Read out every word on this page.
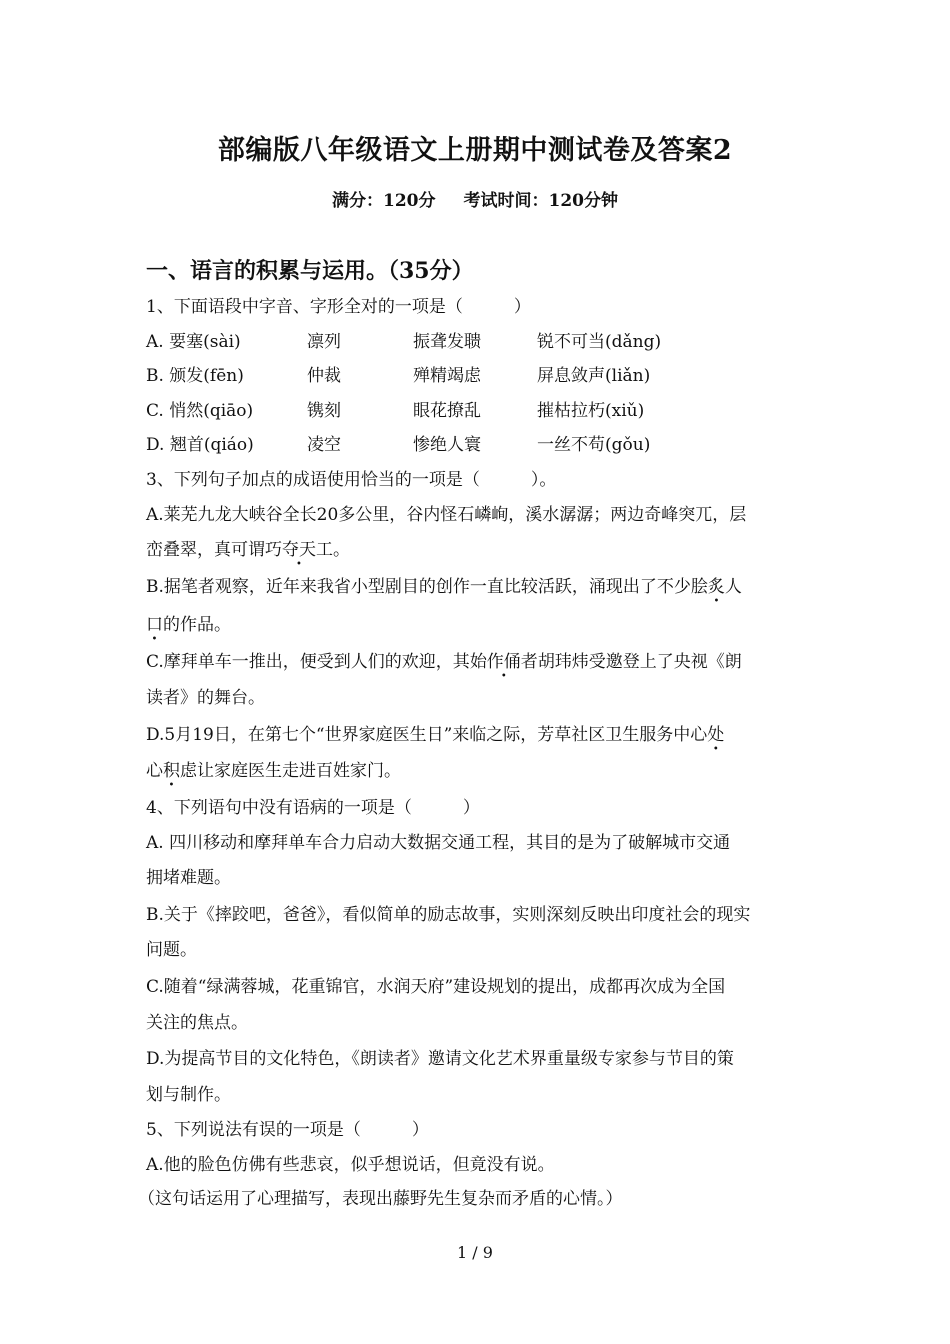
部编版八年级语文上册期中测试卷及答案2
满分：120分 考试时间：120分钟
一、语言的积累与运用。（35分）
1、下面语段中字音、字形全对的一项是（　　　）
A. 要塞(sài)	凛列	振聋发聩	锐不可当(dǎng)
B. 颁发(fēn)	仲裁	殚精竭虑	屏息敛声(liǎn)
C. 悄然(qiāo)	镌刻	眼花撩乱	摧枯拉朽(xiǔ)
D. 翘首(qiáo)	凌空	惨绝人寰	一丝不苟(gǒu)
3、下列句子加点的成语使用恰当的一项是（　　　）。
A.莱芜九龙大峡谷全长20多公里，谷内怪石嶙峋，溪水潺潺；两边奇峰突兀，层
峦叠翠，真可谓巧夺天工。
B.据笔者观察，近年来我省小型剧目的创作一直比较活跃，涌现出了不少脍炙人
口的作品。
C.摩拜单车一推出，便受到人们的欢迎，其始作俑者胡玮炜受邀登上了央视《朗
读者》的舞台。
D.5月19日，在第七个“世界家庭医生日”来临之际，芳草社区卫生服务中心处
心积虑让家庭医生走进百姓家门。
4、下列语句中没有语病的一项是（　　　）
A. 四川移动和摩拜单车合力启动大数据交通工程，其目的是为了破解城市交通
拥堵难题。
B.关于《摔跤吧，爸爸》，看似简单的励志故事，实则深刻反映出印度社会的现实
问题。
C.随着“绿满蓉城，花重锦官，水润天府”建设规划的提出，成都再次成为全国
关注的焦点。
D.为提高节目的文化特色，《朗读者》邀请文化艺术界重量级专家参与节目的策
划与制作。
5、下列说法有误的一项是（　　　）
A.他的脸色仿佛有些悲哀，似乎想说话，但竟没有说。
（这句话运用了心理描写，表现出藤野先生复杂而矛盾的心情。）
1 / 9
